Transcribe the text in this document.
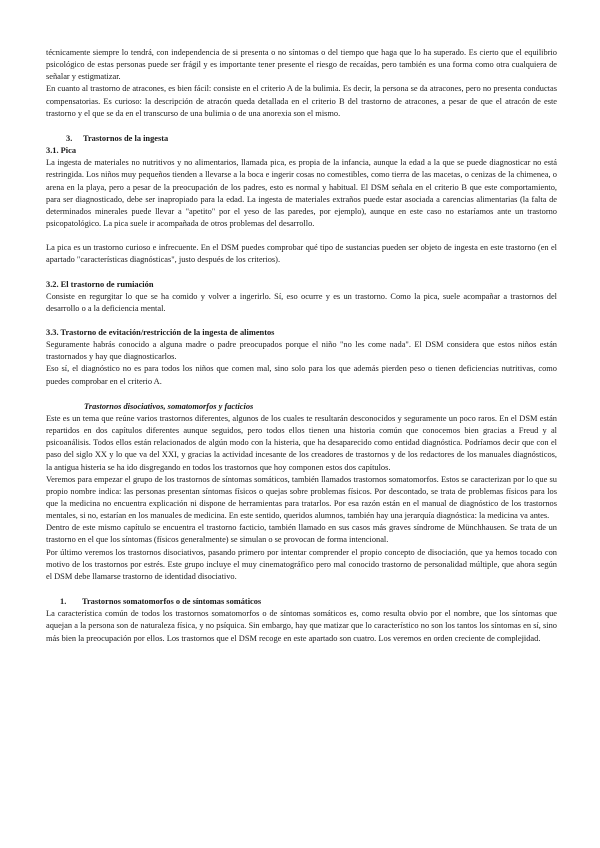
técnicamente siempre lo tendrá, con independencia de si presenta o no síntomas o del tiempo que haga que lo ha superado. Es cierto que el equilibrio psicológico de estas personas puede ser frágil y es importante tener presente el riesgo de recaídas, pero también es una forma como otra cualquiera de señalar y estigmatizar.

En cuanto al trastorno de atracones, es bien fácil: consiste en el criterio A de la bulimia. Es decir, la persona se da atracones, pero no presenta conductas compensatorias. Es curioso: la descripción de atracón queda detallada en el criterio B del trastorno de atracones, a pesar de que el atracón de este trastorno y el que se da en el transcurso de una bulimia o de una anorexia son el mismo.

3. Trastornos de la ingesta

3.1. Pica

La ingesta de materiales no nutritivos y no alimentarios, llamada pica, es propia de la infancia, aunque la edad a la que se puede diagnosticar no está restringida. Los niños muy pequeños tienden a llevarse a la boca e ingerir cosas no comestibles, como tierra de las macetas, o cenizas de la chimenea, o arena en la playa, pero a pesar de la preocupación de los padres, esto es normal y habitual. El DSM señala en el criterio B que este comportamiento, para ser diagnosticado, debe ser inapropiado para la edad. La ingesta de materiales extraños puede estar asociada a carencias alimentarias (la falta de determinados minerales puede llevar a "apetito" por el yeso de las paredes, por ejemplo), aunque en este caso no estaríamos ante un trastorno psicopatológico. La pica suele ir acompañada de otros problemas del desarrollo.

La pica es un trastorno curioso e infrecuente. En el DSM puedes comprobar qué tipo de sustancias pueden ser objeto de ingesta en este trastorno (en el apartado "características diagnósticas", justo después de los criterios).

3.2. El trastorno de rumiación

Consiste en regurgitar lo que se ha comido y volver a ingerirlo. Sí, eso ocurre y es un trastorno. Como la pica, suele acompañar a trastornos del desarrollo o a la deficiencia mental.

3.3. Trastorno de evitación/restricción de la ingesta de alimentos

Seguramente habrás conocido a alguna madre o padre preocupados porque el niño "no les come nada". El DSM considera que estos niños están trastornados y hay que diagnosticarlos.

Eso sí, el diagnóstico no es para todos los niños que comen mal, sino solo para los que además pierden peso o tienen deficiencias nutritivas, como puedes comprobar en el criterio A.

Trastornos disociativos, somatomorfos y facticios

Este es un tema que reúne varios trastornos diferentes, algunos de los cuales te resultarán desconocidos y seguramente un poco raros. En el DSM están repartidos en dos capítulos diferentes aunque seguidos, pero todos ellos tienen una historia común que conocemos bien gracias a Freud y al psicoanálisis. Todos ellos están relacionados de algún modo con la histeria, que ha desaparecido como entidad diagnóstica. Podríamos decir que con el paso del siglo XX y lo que va del XXI, y gracias la actividad incesante de los creadores de trastornos y de los redactores de los manuales diagnósticos, la antigua histeria se ha ido disgregando en todos los trastornos que hoy componen estos dos capítulos.

Veremos para empezar el grupo de los trastornos de síntomas somáticos, también llamados trastornos somatomorfos. Estos se caracterizan por lo que su propio nombre indica: las personas presentan síntomas físicos o quejas sobre problemas físicos. Por descontado, se trata de problemas físicos para los que la medicina no encuentra explicación ni dispone de herramientas para tratarlos. Por esa razón están en el manual de diagnóstico de los trastornos mentales, si no, estarían en los manuales de medicina. En este sentido, queridos alumnos, también hay una jerarquía diagnóstica: la medicina va antes.

Dentro de este mismo capítulo se encuentra el trastorno facticio, también llamado en sus casos más graves síndrome de Münchhausen. Se trata de un trastorno en el que los síntomas (físicos generalmente) se simulan o se provocan de forma intencional.

Por último veremos los trastornos disociativos, pasando primero por intentar comprender el propio concepto de disociación, que ya hemos tocado con motivo de los trastornos por estrés. Este grupo incluye el muy cinematográfico pero mal conocido trastorno de personalidad múltiple, que ahora según el DSM debe llamarse trastorno de identidad disociativo.

1. Trastornos somatomorfos o de síntomas somáticos

La característica común de todos los trastornos somatomorfos o de síntomas somáticos es, como resulta obvio por el nombre, que los síntomas que aquejan a la persona son de naturaleza física, y no psíquica. Sin embargo, hay que matizar que lo característico no son los tantos los síntomas en sí, sino más bien la preocupación por ellos. Los trastornos que el DSM recoge en este apartado son cuatro. Los veremos en orden creciente de complejidad.
